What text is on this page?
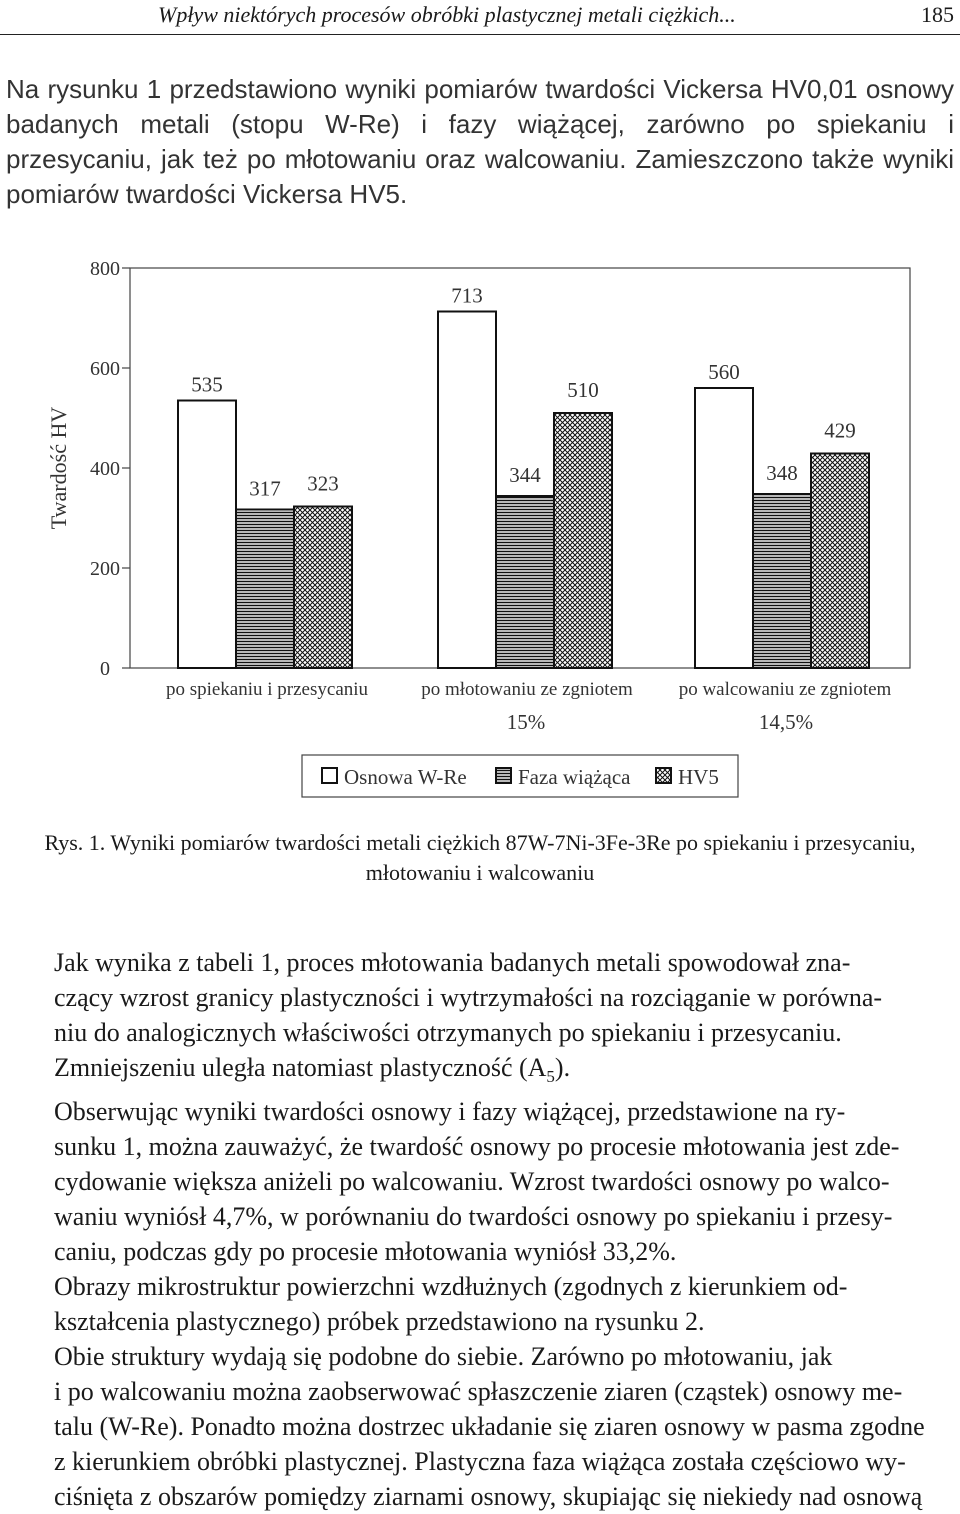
Wpływ niektórych procesów obróbki plastycznej metali ciężkich...	185
Na rysunku 1 przedstawiono wyniki pomiarów twardości Vickersa HV0,01 osnowy badanych metali (stopu W-Re) i fazy wiążącej, zarówno po spiekaniu i przesycaniu, jak też po młotowaniu oraz walcowaniu. Zamieszczono także wyniki pomiarów twardości Vickersa HV5.
0
200
400
600
800
Twardość HV
535
317 323
po spiekaniu i przesycaniu
713
344
510
po młotowaniu ze zgniotem
15%
560
348
429
po walcowaniu ze zgniotem
14,5%
Osnowa W-Re Faza wiążąca HV5
Rys. 1. Wyniki pomiarów twardości metali ciężkich 87W-7Ni-3Fe-3Re po spiekaniu i przesycaniu,
młotowaniu i walcowaniu

Jak wynika z tabeli 1, proces młotowania badanych metali spowodował zna-
czący wzrost granicy plastyczności i wytrzymałości na rozciąganie w porówna-
niu do analogicznych właściwości otrzymanych po spiekaniu i przesycaniu.
Zmniejszeniu uległa natomiast plastyczność $(A_5)$.

Obserwując wyniki twardości osnowy i fazy wiążącej, przedstawione na ry-
sunku 1, można zauważyć, że twardość osnowy po procesie młotowania jest zde-
cydowanie większa aniżeli po walcowaniu. Wzrost twardości osnowy po walco-
waniu wyniósł 4,7%, w porównaniu do twardości osnowy po spiekaniu i przesy-
caniu, podczas gdy po procesie młotowania wyniósł 33,2%.

Obrazy mikrostruktur powierzchni wzdłużnych (zgodnych z kierunkiem od-
kształcenia plastycznego) próbek przedstawiono na rysunku 2.

Obie struktury wydają się podobne do siebie. Zarówno po młotowaniu, jak
i po walcowaniu można zaobserwować spłaszczenie ziaren (cząstek) osnowy me-
talu (W-Re). Ponadto można dostrzec układanie się ziaren osnowy w pasma zgodne
z kierunkiem obróbki plastycznej. Plastyczna faza wiążąca została częściowo wy-
ciśnięta z obszarów pomiędzy ziarnami osnowy, skupiając się niekiedy nad osnową
